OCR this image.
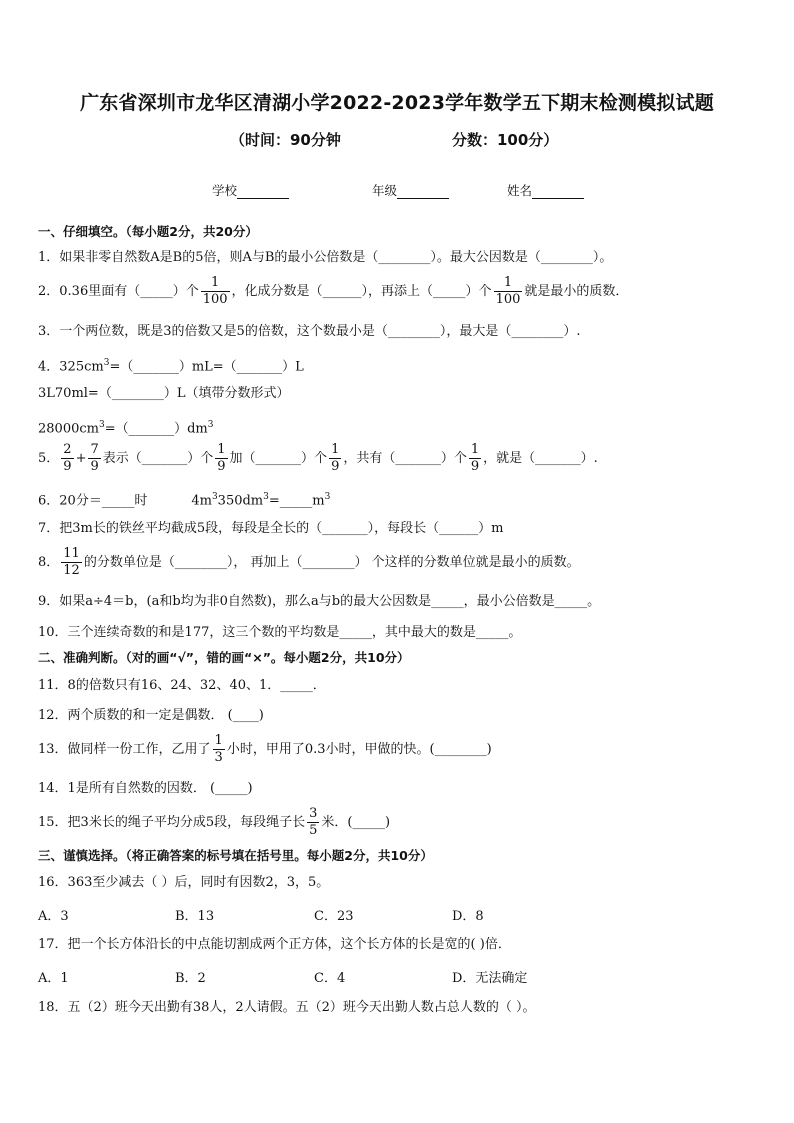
广东省深圳市龙华区清湖小学2022-2023学年数学五下期末检测模拟试题
（时间：90分钟	分数：100分）
学校	年级	姓名
一、仔细填空。（每小题2分，共20分）
1．如果非零自然数A是B的5倍，则A与B的最小公倍数是（________）。最大公因数是（________）。
2．0.36里面有（_____）个 $\frac{1}{100}$ ，化成分数是（______），再添上（_____）个 $\frac{1}{100}$ 就是最小的质数．
3．一个两位数，既是3的倍数又是5的倍数，这个数最小是（________），最大是（________）.
4．$325cm^3=(\_\_\_\_\_\_\_)mL=(\_\_\_\_\_\_\_)L$
3L70ml=（________）L（填带分数形式）
$28000cm^3=(\_\_\_\_\_\_\_)dm^3$
5． $\frac{2}{9} + \frac{7}{9}$ 表示（_______）个 $\frac{1}{9}$ 加（_______）个 $\frac{1}{9}$ ，共有（_______）个 $\frac{1}{9}$ ，就是（_______）.
6．20分＝_____时	$4m^3350dm^3=\_\_\_\_\_m^3$
7．把3m长的铁丝平均截成5段，每段是全长的（_______），每段长（______）m
8． $\frac{11}{12}$ 的分数单位是（________）， 再加上（________） 个这样的分数单位就是最小的质数。
9．如果a÷4＝b，(a和b均为非0自然数)，那么a与b的最大公因数是_____，最小公倍数是_____。
10．三个连续奇数的和是177，这三个数的平均数是_____，其中最大的数是_____。
二、准确判断。（对的画“√”，错的画“×”。每小题2分，共10分）
11．8的倍数只有16、24、32、40、1．_____．
12．两个质数的和一定是偶数． (____)
13．做同样一份工作，乙用了 $\frac{1}{3}$ 小时，甲用了0.3小时，甲做的快。(________)
14．1是所有自然数的因数． (_____)
15．把3米长的绳子平均分成5段，每段绳子长 $\frac{3}{5}$ 米．(_____)
三、谨慎选择。（将正确答案的标号填在括号里。每小题2分，共10分）
16．363至少减去（ ）后，同时有因数2，3，5。
A．3	B．13	C．23	D．8
17．把一个长方体沿长的中点能切割成两个正方体，这个长方体的长是宽的( )倍．
A．1	B．2	C．4	D．无法确定
18．五（2）班今天出勤有38人，2人请假。五（2）班今天出勤人数占总人数的（ ）。
